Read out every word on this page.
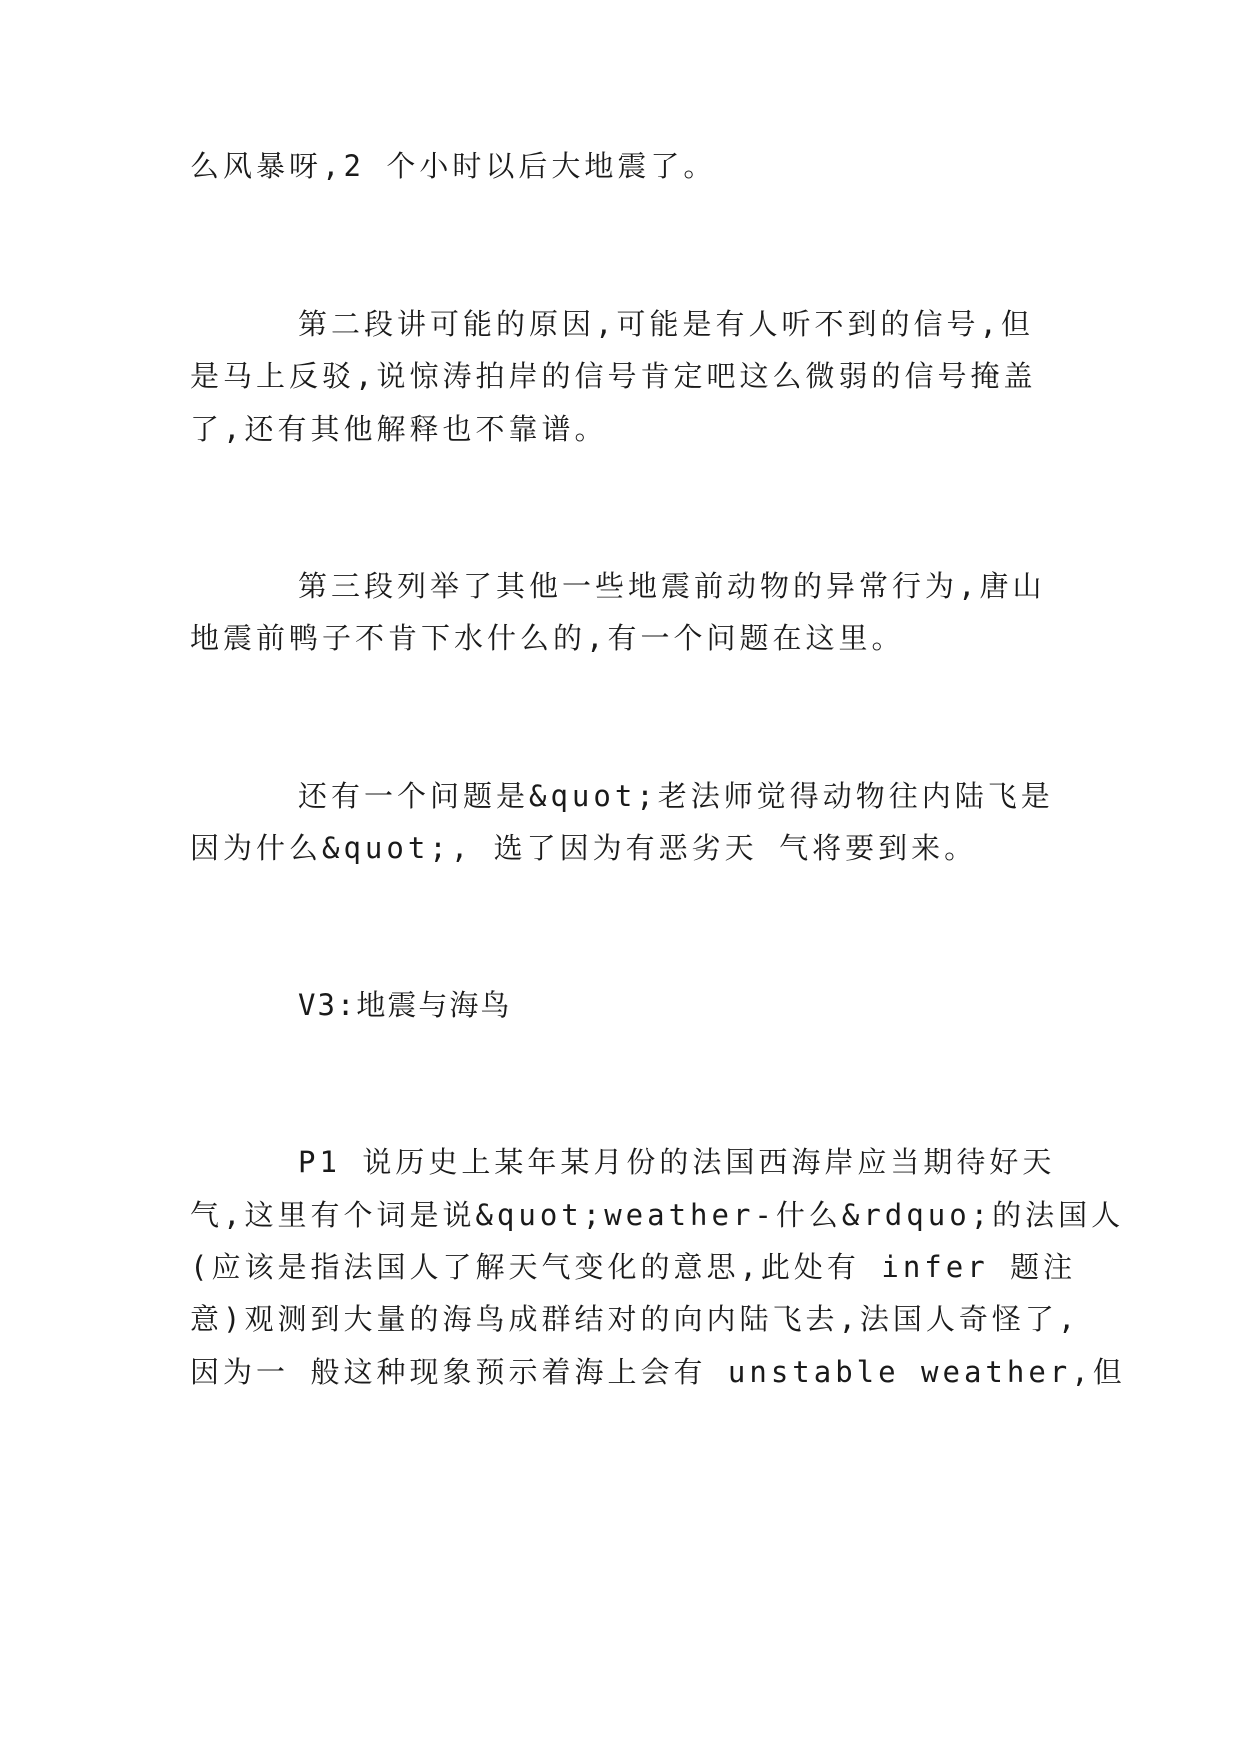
么风暴呀,2 个小时以后大地震了。

第二段讲可能的原因,可能是有人听不到的信号,但

是马上反驳,说惊涛拍岸的信号肯定吧这么微弱的信号掩盖

了,还有其他解释也不靠谱。

第三段列举了其他一些地震前动物的异常行为,唐山

地震前鸭子不肯下水什么的,有一个问题在这里。

还有一个问题是&quot;老法师觉得动物往内陆飞是

因为什么&quot;, 选了因为有恶劣天 气将要到来。

V3:地震与海鸟

P1 说历史上某年某月份的法国西海岸应当期待好天

气,这里有个词是说&quot;weather-什么&rdquo;的法国人

(应该是指法国人了解天气变化的意思,此处有 infer 题注

意)观测到大量的海鸟成群结对的向内陆飞去,法国人奇怪了,

因为一 般这种现象预示着海上会有 unstable weather,但
